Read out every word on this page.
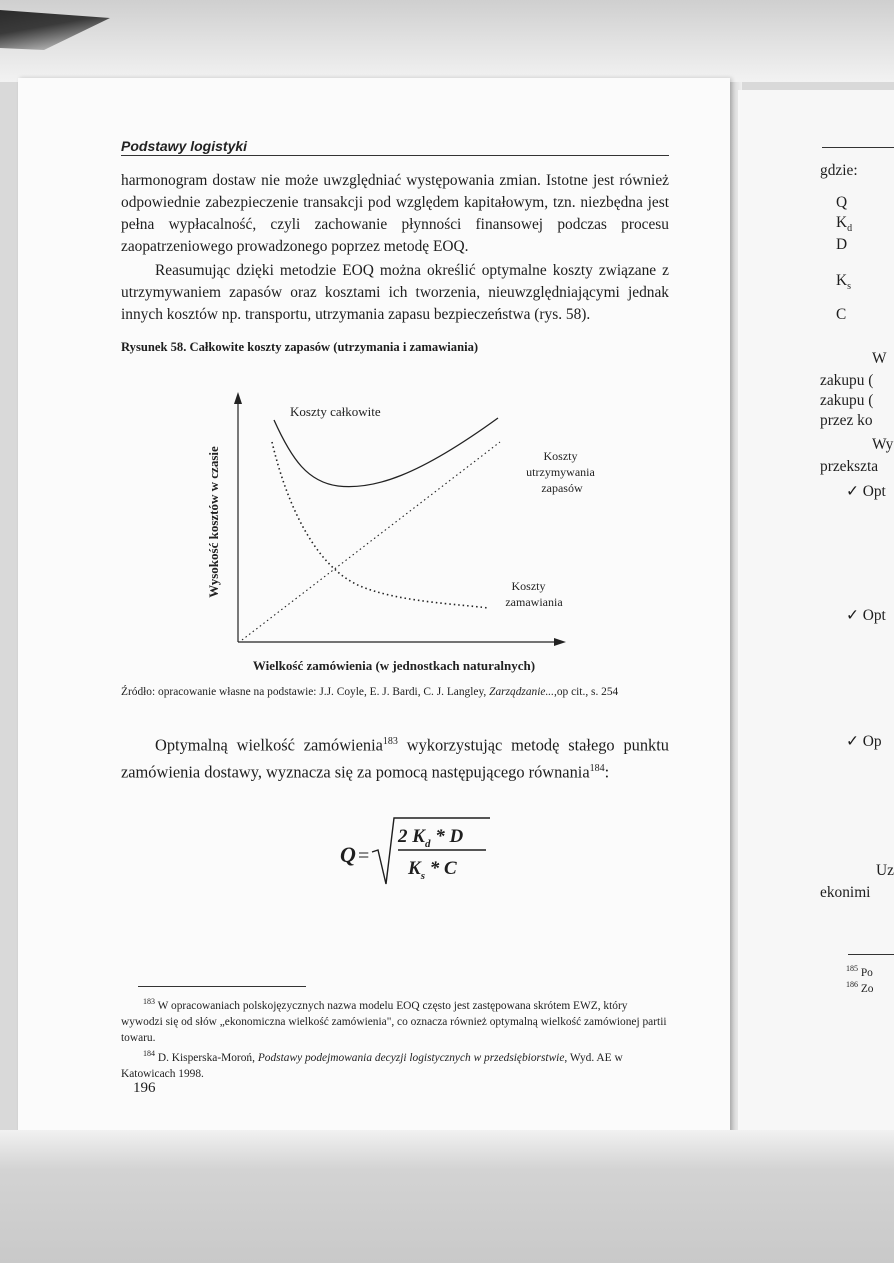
Podstawy logistyki

harmonogram dostaw nie może uwzględniać występowania zmian. Istotne jest również odpowiednie zabezpieczenie transakcji pod względem kapitałowym, tzn. niezbędna jest pełna wypłacalność, czyli zachowanie płynności finansowej podczas procesu zaopatrzeniowego prowadzonego poprzez metodę EOQ.

Reasumując dzięki metodzie EOQ można określić optymalne koszty związane z utrzymywaniem zapasów oraz kosztami ich tworzenia, nieuwzględniającymi jednak innych kosztów np. transportu, utrzymania zapasu bezpieczeństwa (rys. 58).

Rysunek 58. Całkowite koszty zapasów (utrzymania i zamawiania)
Wysokość kosztów w czasie
Koszty całkowite
Koszty utrzymywania zapasów
Koszty zamawiania
Wielkość zamówienia (w jednostkach naturalnych)
Źródło: opracowanie własne na podstawie: J.J. Coyle, E. J. Bardi, C. J. Langley, Zarządzanie...,op cit., s. 254

Optymalną wielkość zamówienia$^{183}$ wykorzystując metodę stałego punktu zamówienia dostawy, wyznacza się za pomocą następującego równania$^{184}$:

Q =
2 $K_d$ * D
$K_s$ * C

$^{183}$ W opracowaniach polskojęzycznych nazwa modelu EOQ często jest zastępowana skrótem EWZ, który wywodzi się od słów „ekonomiczna wielkość zamówienia", co oznacza również optymalną wielkość zamówionej partii towaru.

$^{184}$ D. Kisperska-Moroń, Podstawy podejmowania decyzji logistycznych w przedsiębiorstwie, Wyd. AE w Katowicach 1998.

196
gdzie:
Q
$K_d$
D
$K_s$
C
W
zakupu (
zakupu (
przez ko
Wy
przekszta
✓ Opt
✓ Opt
✓ Op
Uz
ekonimi
$^{185}$ Po
$^{186}$ Zo
